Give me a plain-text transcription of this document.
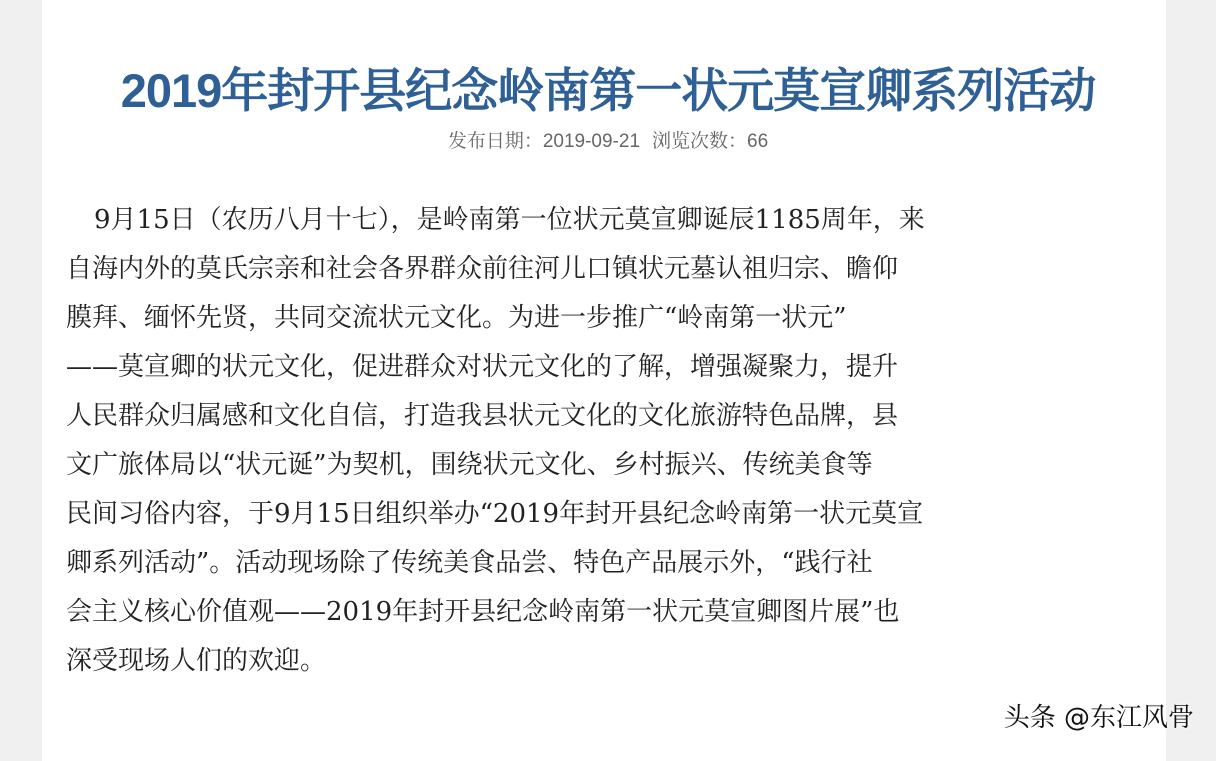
2019年封开县纪念岭南第一状元莫宣卿系列活动
发布日期：2019-09-21 浏览次数：66
9月15日（农历八月十七），是岭南第一位状元莫宣卿诞辰1185周年，来
自海内外的莫氏宗亲和社会各界群众前往河儿口镇状元墓认祖归宗、瞻仰
膜拜、缅怀先贤，共同交流状元文化。为进一步推广“岭南第一状元”
——莫宣卿的状元文化，促进群众对状元文化的了解，增强凝聚力，提升
人民群众归属感和文化自信，打造我县状元文化的文化旅游特色品牌，县
文广旅体局以“状元诞”为契机，围绕状元文化、乡村振兴、传统美食等
民间习俗内容，于9月15日组织举办“2019年封开县纪念岭南第一状元莫宣
卿系列活动”。活动现场除了传统美食品尝、特色产品展示外，“践行社
会主义核心价值观——2019年封开县纪念岭南第一状元莫宣卿图片展”也
深受现场人们的欢迎。
头条 @东江风骨
